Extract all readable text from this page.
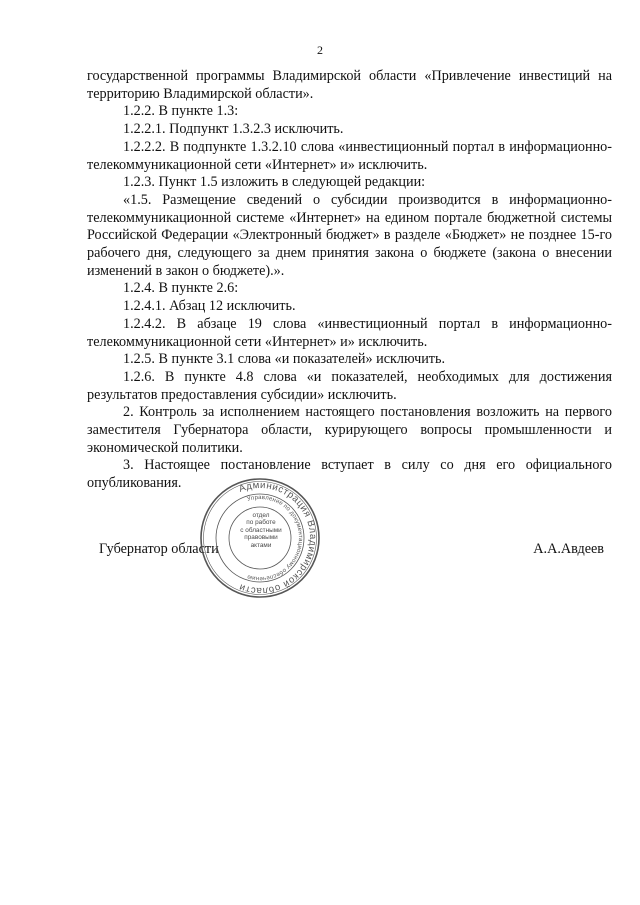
2

государственной программы Владимирской области «Привлечение инвестиций на территорию Владимирской области».

1.2.2. В пункте 1.3:

1.2.2.1. Подпункт 1.3.2.3 исключить.

1.2.2.2. В подпункте 1.3.2.10 слова «инвестиционный портал в информационно-телекоммуникационной сети «Интернет» и» исключить.

1.2.3. Пункт 1.5 изложить в следующей редакции:

«1.5. Размещение сведений о субсидии производится в информационно-телекоммуникационной системе «Интернет» на едином портале бюджетной системы Российской Федерации «Электронный бюджет» в разделе «Бюджет» не позднее 15-го рабочего дня, следующего за днем принятия закона о бюджете (закона о внесении изменений в закон о бюджете).».

1.2.4. В пункте 2.6:

1.2.4.1. Абзац 12 исключить.

1.2.4.2. В абзаце 19 слова «инвестиционный портал в информационно-телекоммуникационной сети «Интернет» и» исключить.

1.2.5. В пункте 3.1 слова «и показателей» исключить.

1.2.6. В пункте 4.8 слова «и показателей, необходимых для достижения результатов предоставления субсидии» исключить.

2. Контроль за исполнением настоящего постановления возложить на первого заместителя Губернатора области, курирующего вопросы промышленности и экономической политики.

3. Настоящее постановление вступает в силу со дня его официального опубликования.

Губернатор области	А.А.Авдеев
Администрация Владимирской области
Управление по документационному обеспечению
отдел
по работе
с областными
правовыми
актами
